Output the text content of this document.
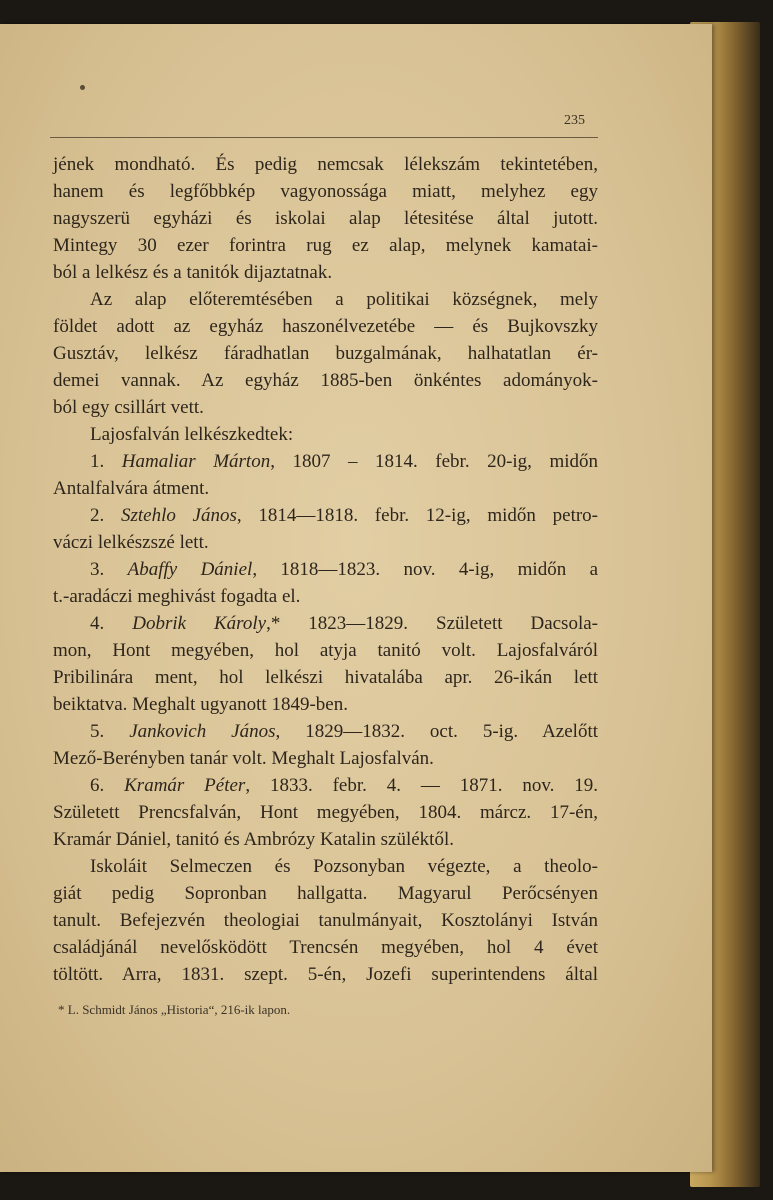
235
jének mondható. És pedig nemcsak lélekszám tekintetében,
hanem és legfőbbkép vagyonossága miatt, melyhez egy
nagyszerü egyházi és iskolai alap létesitése által jutott.
Mintegy 30 ezer forintra rug ez alap, melynek kamatai-
ból a lelkész és a tanitók dijaztatnak.
Az alap előteremtésében a politikai községnek, mely
földet adott az egyház haszonélvezetébe — és Bujkovszky
Gusztáv, lelkész fáradhatlan buzgalmának, halhatatlan ér-
demei vannak. Az egyház 1885-ben önkéntes adományok-
ból egy csillárt vett.
Lajosfalván lelkészkedtek:
1. Hamaliar Márton, 1807 – 1814. febr. 20-ig, midőn
Antalfalvára átment.
2. Sztehlo János, 1814—1818. febr. 12-ig, midőn petro-
váczi lelkészszé lett.
3. Abaffy Dániel, 1818—1823. nov. 4-ig, midőn a
t.-aradáczi meghivást fogadta el.
4. Dobrik Károly,* 1823—1829. Született Dacsola-
mon, Hont megyében, hol atyja tanitó volt. Lajosfalváról
Pribilinára ment, hol lelkészi hivatalába apr. 26-ikán lett
beiktatva. Meghalt ugyanott 1849-ben.
5. Jankovich János, 1829—1832. oct. 5-ig. Azelőtt
Mező-Berényben tanár volt. Meghalt Lajosfalván.
6. Kramár Péter, 1833. febr. 4. — 1871. nov. 19.
Született Prencsfalván, Hont megyében, 1804. márcz. 17-én,
Kramár Dániel, tanitó és Ambrózy Katalin szüléktől.
Iskoláit Selmeczen és Pozsonyban végezte, a theolo-
giát pedig Sopronban hallgatta. Magyarul Perőcsényen
tanult. Befejezvén theologiai tanulmányait, Kosztolányi István
családjánál nevelősködött Trencsén megyében, hol 4 évet
töltött. Arra, 1831. szept. 5-én, Jozefi superintendens által
* L. Schmidt János „Historia“, 216-ik lapon.
